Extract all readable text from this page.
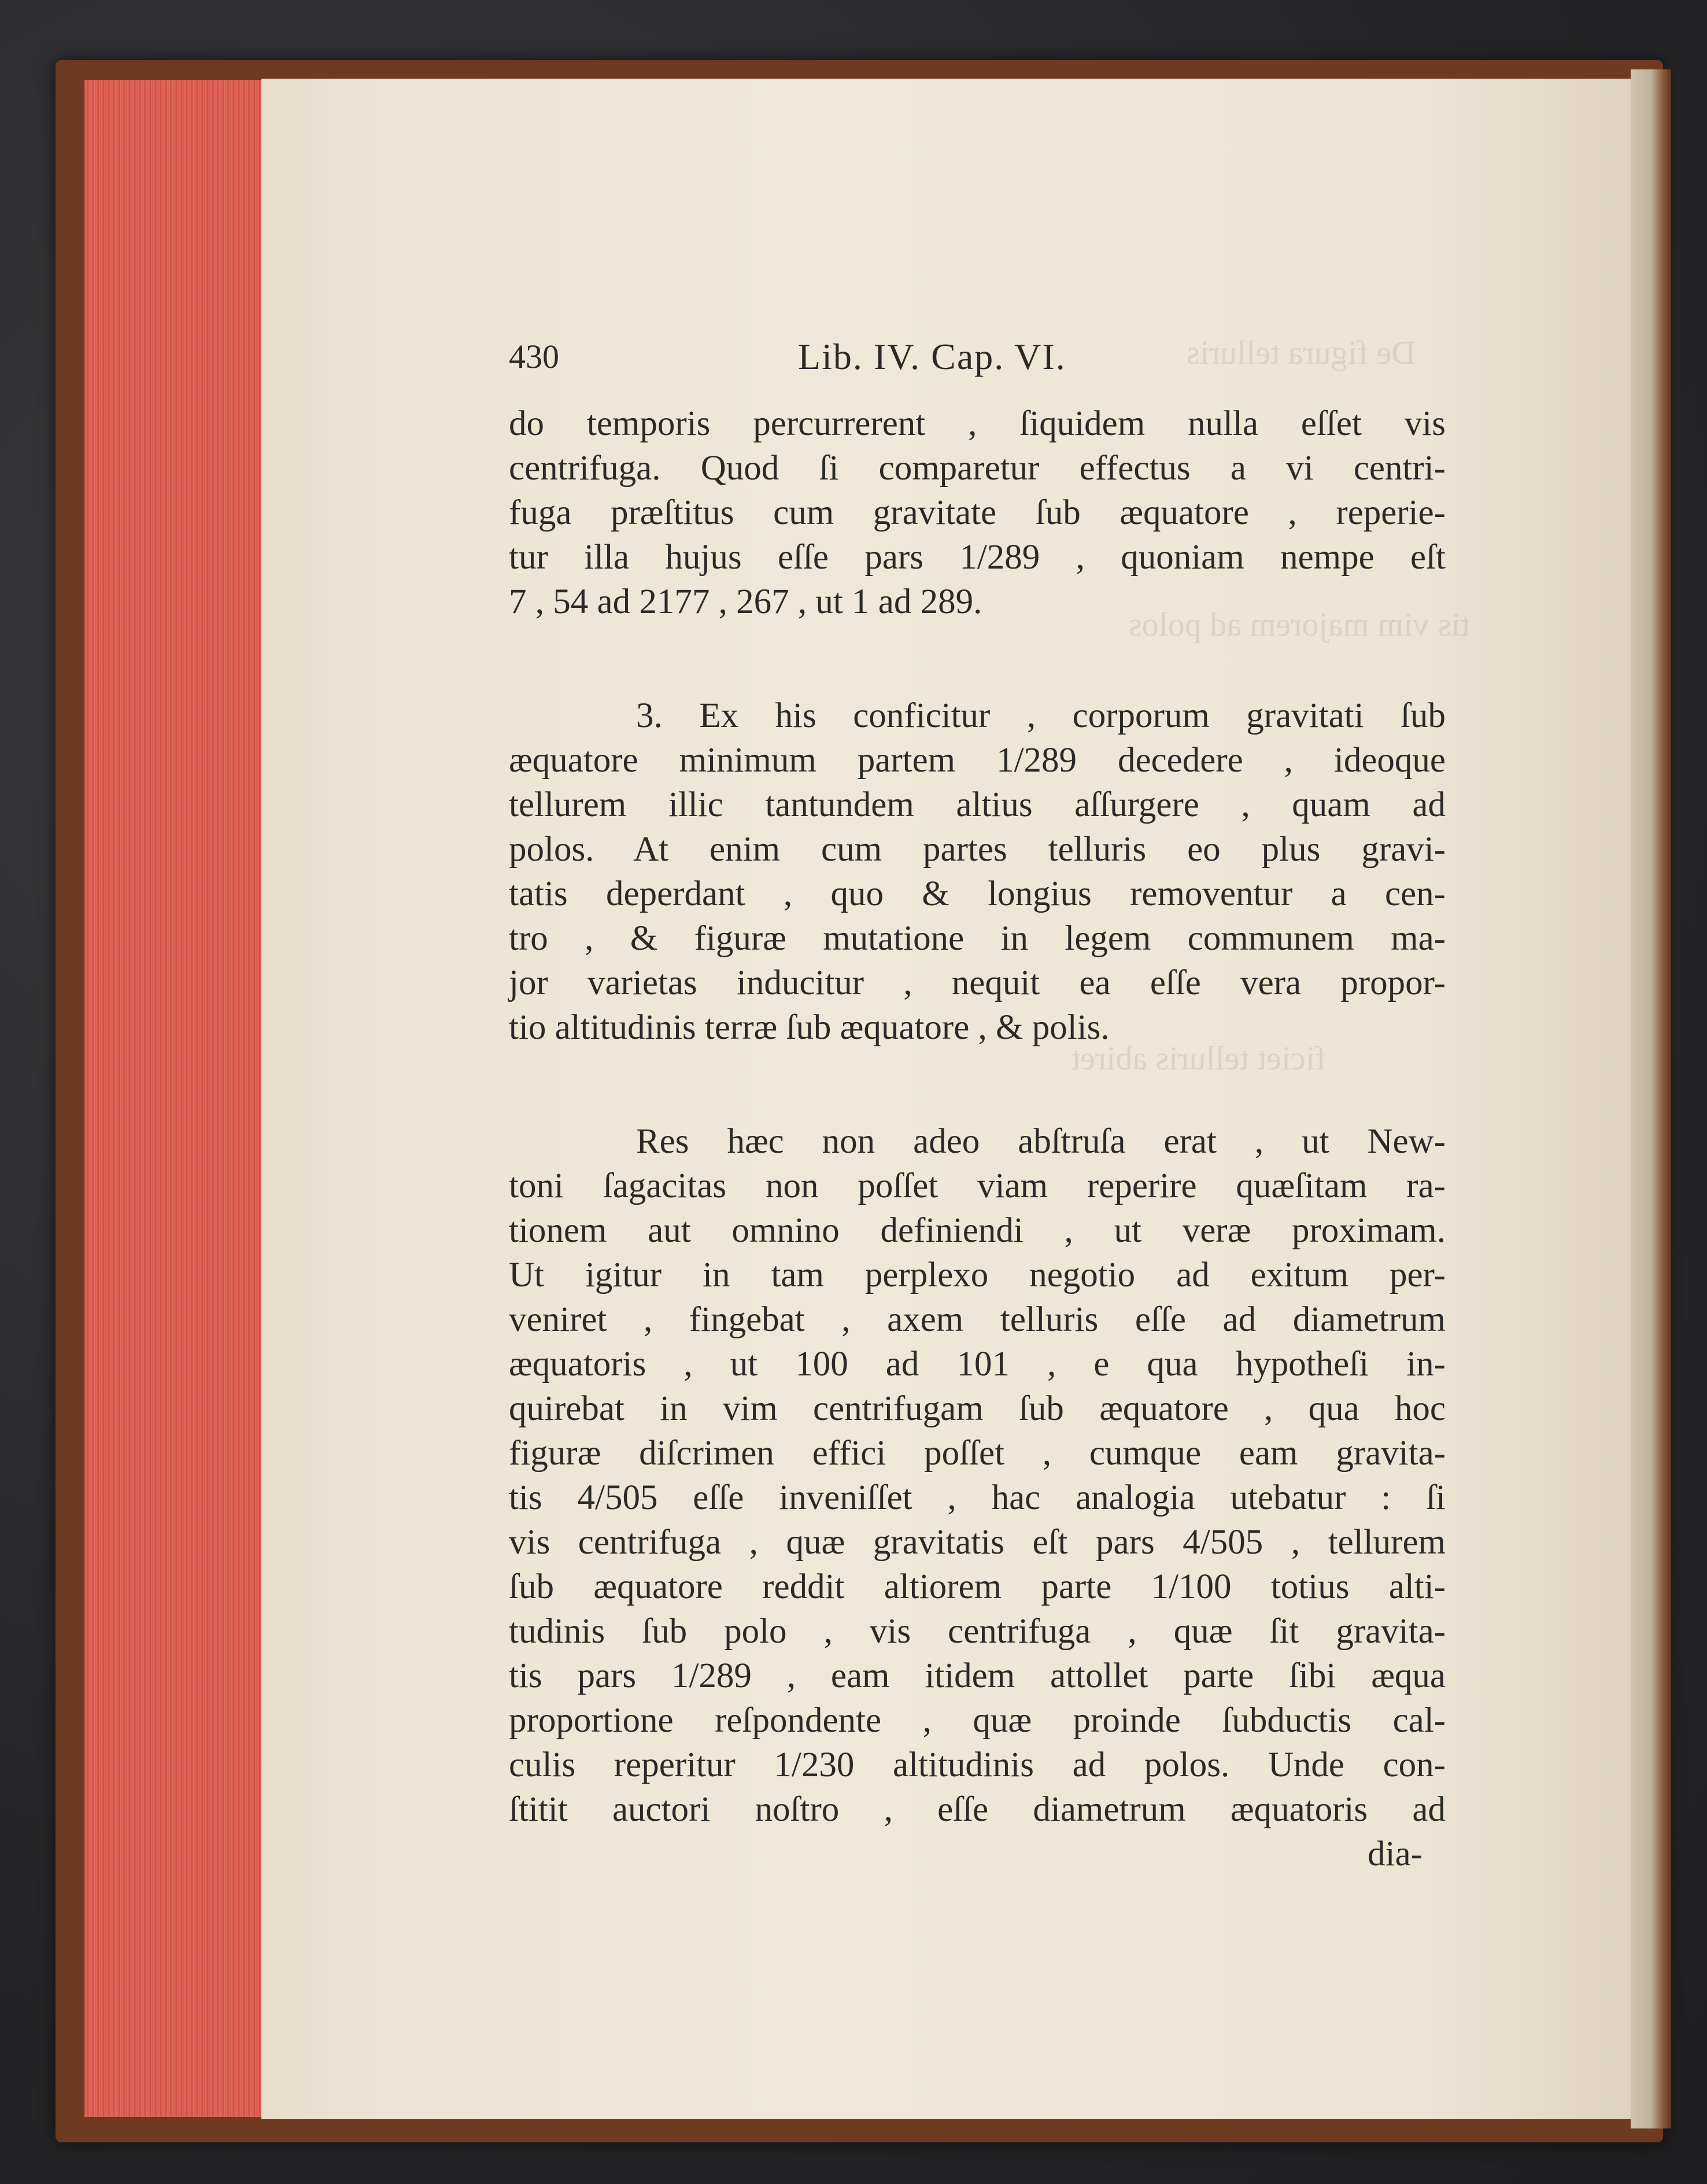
De figura telluris
tis vim majorem ad polos
ficiet telluris abiret
430	Lib. IV. Cap. VI.
do temporis percurrerent , ſiquidem nulla eſſet vis
centrifuga. Quod ſi comparetur effectus a vi centri-
fuga præſtitus cum gravitate ſub æquatore , reperie-
tur illa hujus eſſe pars 1/289 , quoniam nempe eſt
7 , 54 ad 2177 , 267 , ut 1 ad 289.
3. Ex his conficitur , corporum gravitati ſub
æquatore minimum partem 1/289 decedere , ideoque
tellurem illic tantundem altius aſſurgere , quam ad
polos. At enim cum partes telluris eo plus gravi-
tatis deperdant , quo & longius removentur a cen-
tro , & figuræ mutatione in legem communem ma-
jor varietas inducitur , nequit ea eſſe vera propor-
tio altitudinis terræ ſub æquatore , & polis.
Res hæc non adeo abſtruſa erat , ut New-
toni ſagacitas non poſſet viam reperire quæſitam ra-
tionem aut omnino definiendi , ut veræ proximam.
Ut igitur in tam perplexo negotio ad exitum per-
veniret , fingebat , axem telluris eſſe ad diametrum
æquatoris , ut 100 ad 101 , e qua hypotheſi in-
quirebat in vim centrifugam ſub æquatore , qua hoc
figuræ diſcrimen effici poſſet , cumque eam gravita-
tis 4/505 eſſe inveniſſet , hac analogia utebatur : ſi
vis centrifuga , quæ gravitatis eſt pars 4/505 , tellurem
ſub æquatore reddit altiorem parte 1/100 totius alti-
tudinis ſub polo , vis centrifuga , quæ ſit gravita-
tis pars 1/289 , eam itidem attollet parte ſibi æqua
proportione reſpondente , quæ proinde ſubductis cal-
culis reperitur 1/230 altitudinis ad polos. Unde con-
ſtitit auctori noſtro , eſſe diametrum æquatoris ad
dia-
